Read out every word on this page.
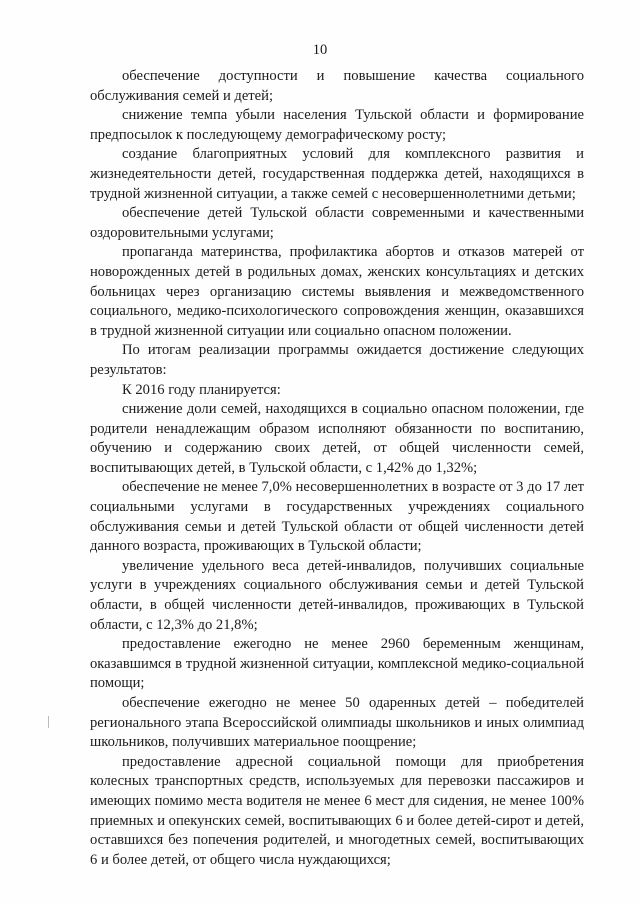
10

обеспечение доступности и повышение качества социального обслуживания семей и детей;

снижение темпа убыли населения Тульской области и формирование предпосылок к последующему демографическому росту;

создание благоприятных условий для комплексного развития и жизнедеятельности детей, государственная поддержка детей, находящихся в трудной жизненной ситуации, а также семей с несовершеннолетними детьми;

обеспечение детей Тульской области современными и качественными оздоровительными услугами;

пропаганда материнства, профилактика абортов и отказов матерей от новорожденных детей в родильных домах, женских консультациях и детских больницах через организацию системы выявления и межведомственного социального, медико-психологического сопровождения женщин, оказавшихся в трудной жизненной ситуации или социально опасном положении.

По итогам реализации программы ожидается достижение следующих результатов:

К 2016 году планируется:

снижение доли семей, находящихся в социально опасном положении, где родители ненадлежащим образом исполняют обязанности по воспитанию, обучению и содержанию своих детей, от общей численности семей, воспитывающих детей, в Тульской области, с 1,42% до 1,32%;

обеспечение не менее 7,0% несовершеннолетних в возрасте от 3 до 17 лет социальными услугами в государственных учреждениях социального обслуживания семьи и детей Тульской области от общей численности детей данного возраста, проживающих в Тульской области;

увеличение удельного веса детей-инвалидов, получивших социальные услуги в учреждениях социального обслуживания семьи и детей Тульской области, в общей численности детей-инвалидов, проживающих в Тульской области, с 12,3% до 21,8%;

предоставление ежегодно не менее 2960 беременным женщинам, оказавшимся в трудной жизненной ситуации, комплексной медико-социальной помощи;

обеспечение ежегодно не менее 50 одаренных детей – победителей регионального этапа Всероссийской олимпиады школьников и иных олимпиад школьников, получивших материальное поощрение;

предоставление адресной социальной помощи для приобретения колесных транспортных средств, используемых для перевозки пассажиров и имеющих помимо места водителя не менее 6 мест для сидения, не менее 100% приемных и опекунских семей, воспитывающих 6 и более детей-сирот и детей, оставшихся без попечения родителей, и многодетных семей, воспитывающих 6 и более детей, от общего числа нуждающихся;
